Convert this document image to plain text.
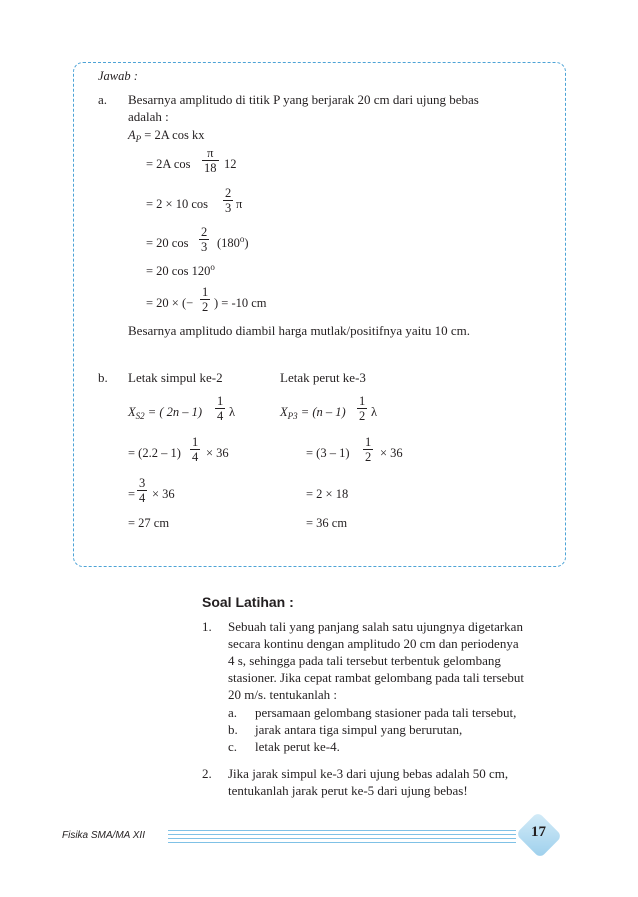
Jawab :
a. Besarnya amplitudo di titik P yang berjarak 20 cm dari ujung bebas
adalah :
$A_P = 2A$ cos kx
= 2A $\cos \frac{\pi}{18} 12$
= 2 × 10 $\cos \frac{2}{3}$ π
= 20 $\cos \frac{2}{3} (180^o)$
= 20 $\cos 120^o$
= 20 × (− $\frac{1}{2}$ ) = -10 cm
Besarnya amplitudo diambil harga mutlak/positifnya yaitu 10 cm.
b. Letak simpul ke-2	Letak perut ke-3
$X_{S2}$ = ( $2n - 1) \frac{1}{4}$ λ	$X_{P3} = (n - 1) \frac{1}{2}$ λ
= $(2.2 - 1) \frac{1}{4} \times 36$	= $(3 - 1) \frac{1}{2} \times 36$
= $\frac{3}{4} \times 36$	= 2 × 18
= 27 cm	= 36 cm
Soal Latihan :
1. Sebuah tali yang panjang salah satu ujungnya digetarkan
secara kontinu dengan amplitudo 20 cm dan periodenya
4 s, sehingga pada tali tersebut terbentuk gelombang
stasioner. Jika cepat rambat gelombang pada tali tersebut
20 m/s. tentukanlah :
a. persamaan gelombang stasioner pada tali tersebut,
b. jarak antara tiga simpul yang berurutan,
c. letak perut ke-4.
2. Jika jarak simpul ke-3 dari ujung bebas adalah 50 cm,
tentukanlah jarak perut ke-5 dari ujung bebas!
Fisika SMA/MA XII	17
